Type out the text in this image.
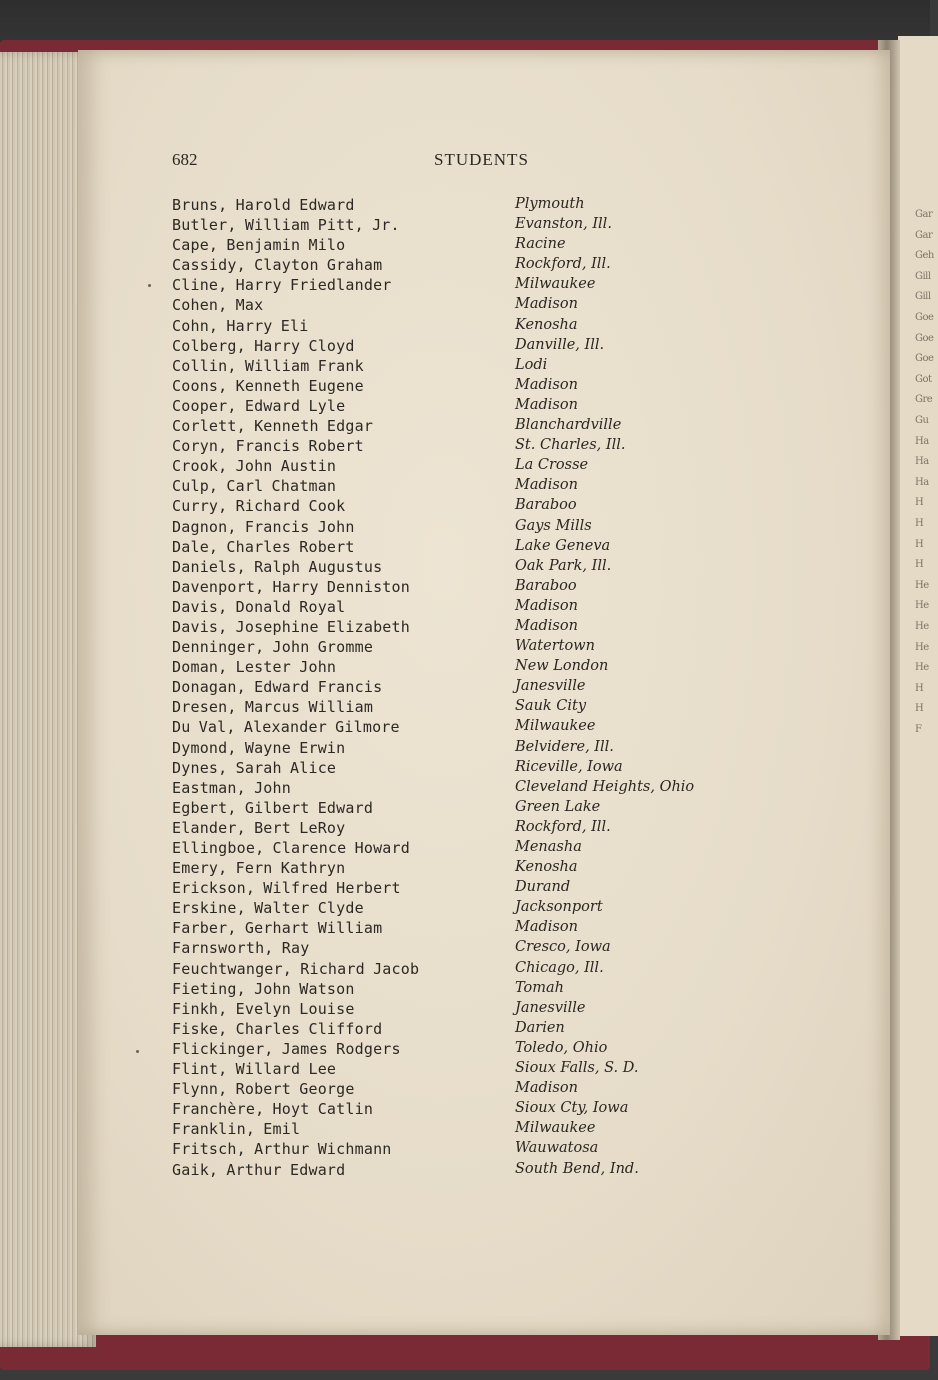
Gar
Gar
Geh
Gill
Gill
Goe
Goe
Goe
Got
Gre
Gu
Ha
Ha
Ha
H
H
H
H
He
He
He
He
He
H
H
F
682	STUDENTS
Bruns, Harold Edward	Plymouth
Butler, William Pitt, Jr.	Evanston, Ill.
Cape, Benjamin Milo	Racine
Cassidy, Clayton Graham	Rockford, Ill.
Cline, Harry Friedlander	Milwaukee
Cohen, Max	Madison
Cohn, Harry Eli	Kenosha
Colberg, Harry Cloyd	Danville, Ill.
Collin, William Frank	Lodi
Coons, Kenneth Eugene	Madison
Cooper, Edward Lyle	Madison
Corlett, Kenneth Edgar	Blanchardville
Coryn, Francis Robert	St. Charles, Ill.
Crook, John Austin	La Crosse
Culp, Carl Chatman	Madison
Curry, Richard Cook	Baraboo
Dagnon, Francis John	Gays Mills
Dale, Charles Robert	Lake Geneva
Daniels, Ralph Augustus	Oak Park, Ill.
Davenport, Harry Denniston	Baraboo
Davis, Donald Royal	Madison
Davis, Josephine Elizabeth	Madison
Denninger, John Gromme	Watertown
Doman, Lester John	New London
Donagan, Edward Francis	Janesville
Dresen, Marcus William	Sauk City
Du Val, Alexander Gilmore	Milwaukee
Dymond, Wayne Erwin	Belvidere, Ill.
Dynes, Sarah Alice	Riceville, Iowa
Eastman, John	Cleveland Heights, Ohio
Egbert, Gilbert Edward	Green Lake
Elander, Bert LeRoy	Rockford, Ill.
Ellingboe, Clarence Howard	Menasha
Emery, Fern Kathryn	Kenosha
Erickson, Wilfred Herbert	Durand
Erskine, Walter Clyde	Jacksonport
Farber, Gerhart William	Madison
Farnsworth, Ray	Cresco, Iowa
Feuchtwanger, Richard Jacob	Chicago, Ill.
Fieting, John Watson	Tomah
Finkh, Evelyn Louise	Janesville
Fiske, Charles Clifford	Darien
Flickinger, James Rodgers	Toledo, Ohio
Flint, Willard Lee	Sioux Falls, S. D.
Flynn, Robert George	Madison
Franchère, Hoyt Catlin	Sioux Cty, Iowa
Franklin, Emil	Milwaukee
Fritsch, Arthur Wichmann	Wauwatosa
Gaik, Arthur Edward	South Bend, Ind.
